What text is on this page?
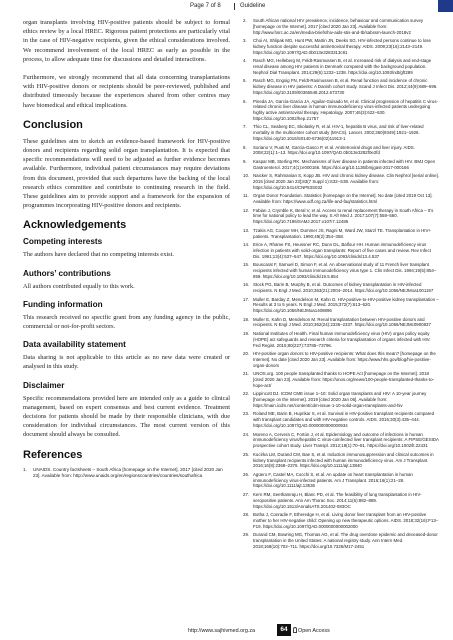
Page 7 of 8	Guideline

organ transplants involving HIV-positive patients should be subject to formal ethics review by a local HREC. Rigorous patient protections are particularly vital in the case of HIV-negative recipients, given the ethical considerations involved. We recommend involvement of the local HREC as early as possible in the process, to allow adequate time for discussions and detailed interactions.

Furthermore, we strongly recommend that all data concerning transplantations with HIV-positive donors or recipients should be peer-reviewed, published and distributed timeously because the experiences shared from other centres may have biomedical and ethical implications.

Conclusion

These guidelines aim to sketch an evidence-based framework for HIV-positive donors and recipients regarding solid organ transplantation. It is expected that specific recommendations will need to be adjusted as further evidence becomes available. Furthermore, individual patient circumstances may require deviations from this document, provided that such departures have the backing of the local research ethics committee and contribute to continuing research in the field. These guidelines aim to provide support and a framework for the expansion of programmes incorporating HIV-positive donors and recipients.

Acknowledgements
Competing interests

The authors have declared that no competing interests exist.

Authors’ contributions

All authors contributed equally to this work.

Funding information

This research received no specific grant from any funding agency in the public, commercial or not-for-profit sectors.

Data availability statement

Data sharing is not applicable to this article as no new data were created or analysed in this study.

Disclaimer

Specific recommendations provided here are intended only as a guide to clinical management, based on expert consensus and best current evidence. Treatment decisions for patients should be made by their responsible clinicians, with due consideration for individual circumstances. The most current version of this document should always be consulted.

References
1. UNAIDS. Country factsheets – South Africa [homepage on the Internet]. 2017 [cited 2020 Jan 23]. Available from: http://www.unaids.org/en/regionscountries/countries/southafrica
2. South African national HIV prevalence, incidence, behaviour and communication survey [homepage on the Internet]. 2017 [cited 2020 Jan 23]. Available from: http://www.hsrc.ac.za/en/media-briefs/hiv-aids-stis-and-tb/sabssm-launch-2018v2
3. Choi AI, Shlipak MG, Hunt PW, Martin JN, Deeks SG. HIV-infected persons continue to lose kidney function despite successful antiretroviral therapy. AIDS. 2009;23(16):2143–2149. https://doi.org/10.1097/QAD.0b013e3283313c91
4. Rasch MG, Helleberg M, Feldt-Rasmussen B, et al. Increased risk of dialysis and end-stage renal disease among HIV patients in Denmark compared with the background population. Nephrol Dial Transplant. 2014;29(6):1232–1238. https://doi.org/10.1093/ndt/gft289
5. Rasch MG, Engsig FN, Feldt-Rasmussen B, et al. Renal function and incidence of chronic kidney disease in HIV patients: A Danish cohort study. Scand J Infect Dis. 2012;44(9):689–696. https://doi.org/10.3109/00365548.2012.673730
6. Pineda JA, Garcia-Garcia JA, Aguilar-Guisado M, et al. Clinical progression of hepatitis C virus-related chronic liver disease in human immunodeficiency virus-infected patients undergoing highly active antiretroviral therapy. Hepatology. 2007;46(3):622–630. https://doi.org/10.1002/hep.21757
7. Thio CL, Seaberg EC, Skolasky R, et al. HIV-1, hepatitis B virus, and risk of liver-related mortality in the multicenter cohort study (MACS). Lancet. 2002;360(9349):1921–1926. https://doi.org/10.1016/S0140-6736(02)11913-1
8. Soriano V, Puoti M, Garcia-Gasco P, et al. Antiretroviral drugs and liver injury. AIDS. 2008;22(1):1–13. https://doi.org/10.1097/QAD.0b013e3282f0e2fd
9. Kaspar MB, Sterling RK. Mechanisms of liver disease in patients infected with HIV. BMJ Open Gastroenterol. 2017;4(1):e000166. https://doi.org/10.1136/bmjgast-2017-000166
10. Naicker S, Rahmanian S, Kopp JB. HIV and chronic kidney disease. Clin Nephrol [serial online]. 2015 [cited 2020 Jan 23];83(7 Suppl 1):S32–S38. Available from: https://doi.org/10.5414/CNP83S032
11. Organ Donor Foundation. Statistics [homepage on the Internet]. No date [cited 2019 Oct 13]. Available from: https://www.odf.org.za/life-and-faq/statistics.html
12. Fabian J, Crymble K, Beral V, et al. Access to renal replacement therapy in South Africa – It's time for national policy to lead the way. S Afr Med J. 2017;107(7):558–560. https://doi.org/10.7196/SAMJ.2017.v107i7.12486
13. Tzakis AG, Cooper MH, Dummer JS, Ragni M, Ward JW, Starzl TE. Transplantation in HIV+ patients. Transplantation. 1990;49(2):354–358.
14. Erice A, Rhame FS, Heussner RC, Dunn DL, Balfour HH. Human immunodeficiency virus infection in patients with solid-organ transplants: Report of five cases and review. Rev Infect Dis. 1991;13(4):537–547. https://doi.org/10.1093/clinids/13.4.537
15. Bouscarat F, Samuel D, Simon F, et al. An observational study of 11 French liver transplant recipients infected with human immunodeficiency virus type 1. Clin Infect Dis. 1994;19(5):854–859. https://doi.org/10.1093/clinids/19.5.854
16. Stock PG, Barin B, Murphy B, et al. Outcomes of kidney transplantation in HIV-infected recipients. N Engl J Med. 2010;363(21):2004–2014. https://doi.org/10.1056/NEJMoa1001197
17. Muller E, Barday Z, Mendelson M, Kahn D. HIV-positive-to-HIV-positive kidney transplantation – Results at 3 to 5 years. N Engl J Med. 2015;372(7):613–620. https://doi.org/10.1056/NEJMoa1408896
18. Muller E, Kahn D, Mendelson M. Renal transplantation between HIV-positive donors and recipients. N Engl J Med. 2010;362(24):2336–2337. https://doi.org/10.1056/NEJMc0900837
19. National Institutes of Health. Final human immunodeficiency virus (HIV) organ policy equity (HOPE) act safeguards and research criteria for transplantation of organs infected with HIV. Fed Regist. 2015;80(227):73785–73796.
20. HIV-positive organ donors to HIV-positive recipients: What does this mean? [homepage on the Internet]. No date [cited 2020 Jan 23]. Available from: https://www.hhs.gov/blog/hiv-positive-organ-donors
21. UNOS.org. 100 people transplanted thanks to HOPE Act [homepage on the Internet]. 2018 [cited 2020 Jan 23]. Available from: https://unos.org/news/100-people-transplanted-thanks-to-hope-act/
22. Lippincott DJ. ICDM CME issue 1–10: Solid organ transplants and HIV: A 10-year journey [homepage on the Internet]. 2019 [cited 2020 Jan 06]. Available from: https://main.icdm.net/content/cdm-issue-1-10-solid-organ-transplants-and-hiv
23. Roland ME, Barin B, Huprikar S, et al. Survival in HIV-positive transplant recipients compared with transplant candidates and with HIV-negative controls. AIDS. 2016;30(3):435–444. https://doi.org/10.1097/QAD.0000000000000934
24. Moreno A, Cervera C, Fortún J, et al. Epidemiology and outcome of infections in human immunodeficiency virus/hepatitis C virus-coinfected liver transplant recipients: A FIPSE/GESIDA prospective cohort study. Liver Transpl. 2012;18(1):70–81. https://doi.org/10.1002/lt.22431
25. Kucirka LM, Durand CM, Bae S, et al. Induction immunosuppression and clinical outcomes in kidney transplant recipients infected with human immunodeficiency virus. Am J Transplant. 2016;16(8):2368–2376. https://doi.org/10.1111/ajt.13840
26. Agüero F, Castel MA, Cocchi S, et al. An update on heart transplantation in human immunodeficiency virus-infected patients. Am J Transplant. 2016;16(1):21–28. https://doi.org/10.1111/ajt.13536
27. Kern RM, Seethamraju H, Blanc PD, et al. The feasibility of lung transplantation in HIV-seropositive patients. Ann Am Thorac Soc. 2014;11(6):882–889. https://doi.org/10.1513/AnnalsATS.201402-083OC
28. Botha J, Conradie F, Etheredge H, et al. Living donor liver transplant from an HIV-positive mother to her HIV-negative child: Opening up new therapeutic options. AIDS. 2018;32(16):F13–F19. https://doi.org/10.1097/QAD.0000000000002000
29. Durand CM, Bowring MG, Thomas AG, et al. The drug overdose epidemic and deceased-donor transplantation in the United States: A national registry study. Ann Intern Med. 2018;168(10):702–711. https://doi.org/10.7326/M17-2451
http://www.sajhivmed.org.za	64	Open Access
